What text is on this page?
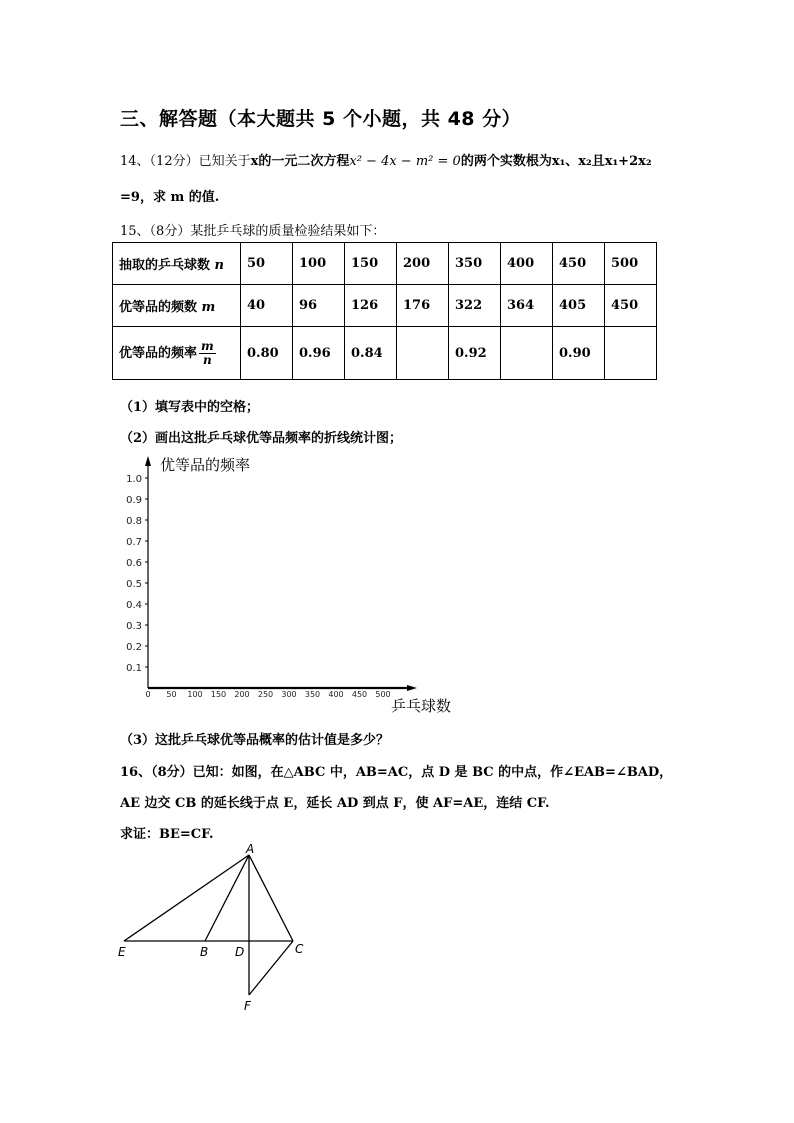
三、解答题（本大题共 5 个小题，共 48 分）
14、（12分）已知关于x的一元二次方程x² − 4x − m² = 0的两个实数根为x₁、x₂且x₁+2x₂
=9，求 m 的值.
15、（8分）某批乒乓球的质量检验结果如下：
抽取的乒乓球数 n	50	100	150	200	350	400	450	500
优等品的频数 m	40	96	126	176	322	364	405	450
优等品的频率 $\frac{m}{n}$	0.80	0.96	0.84		0.92		0.90	
（1）填写表中的空格；
（2）画出这批乒乓球优等品频率的折线统计图；
0.1
0.2
0.3
0.4
0.5
0.6
0.7
0.8
0.9
1.0
0 50 100 150 200 250 300 350 400 450 500
优等品的频率
乒乓球数
（3）这批乒乓球优等品概率的估计值是多少？
16、（8分）已知：如图，在△ABC 中，AB=AC，点 D 是 BC 的中点，作∠EAB=∠BAD，
AE 边交 CB 的延长线于点 E，延长 AD 到点 F，使 AF=AE，连结 CF.
求证：BE=CF.
A
E	B D	C
F
